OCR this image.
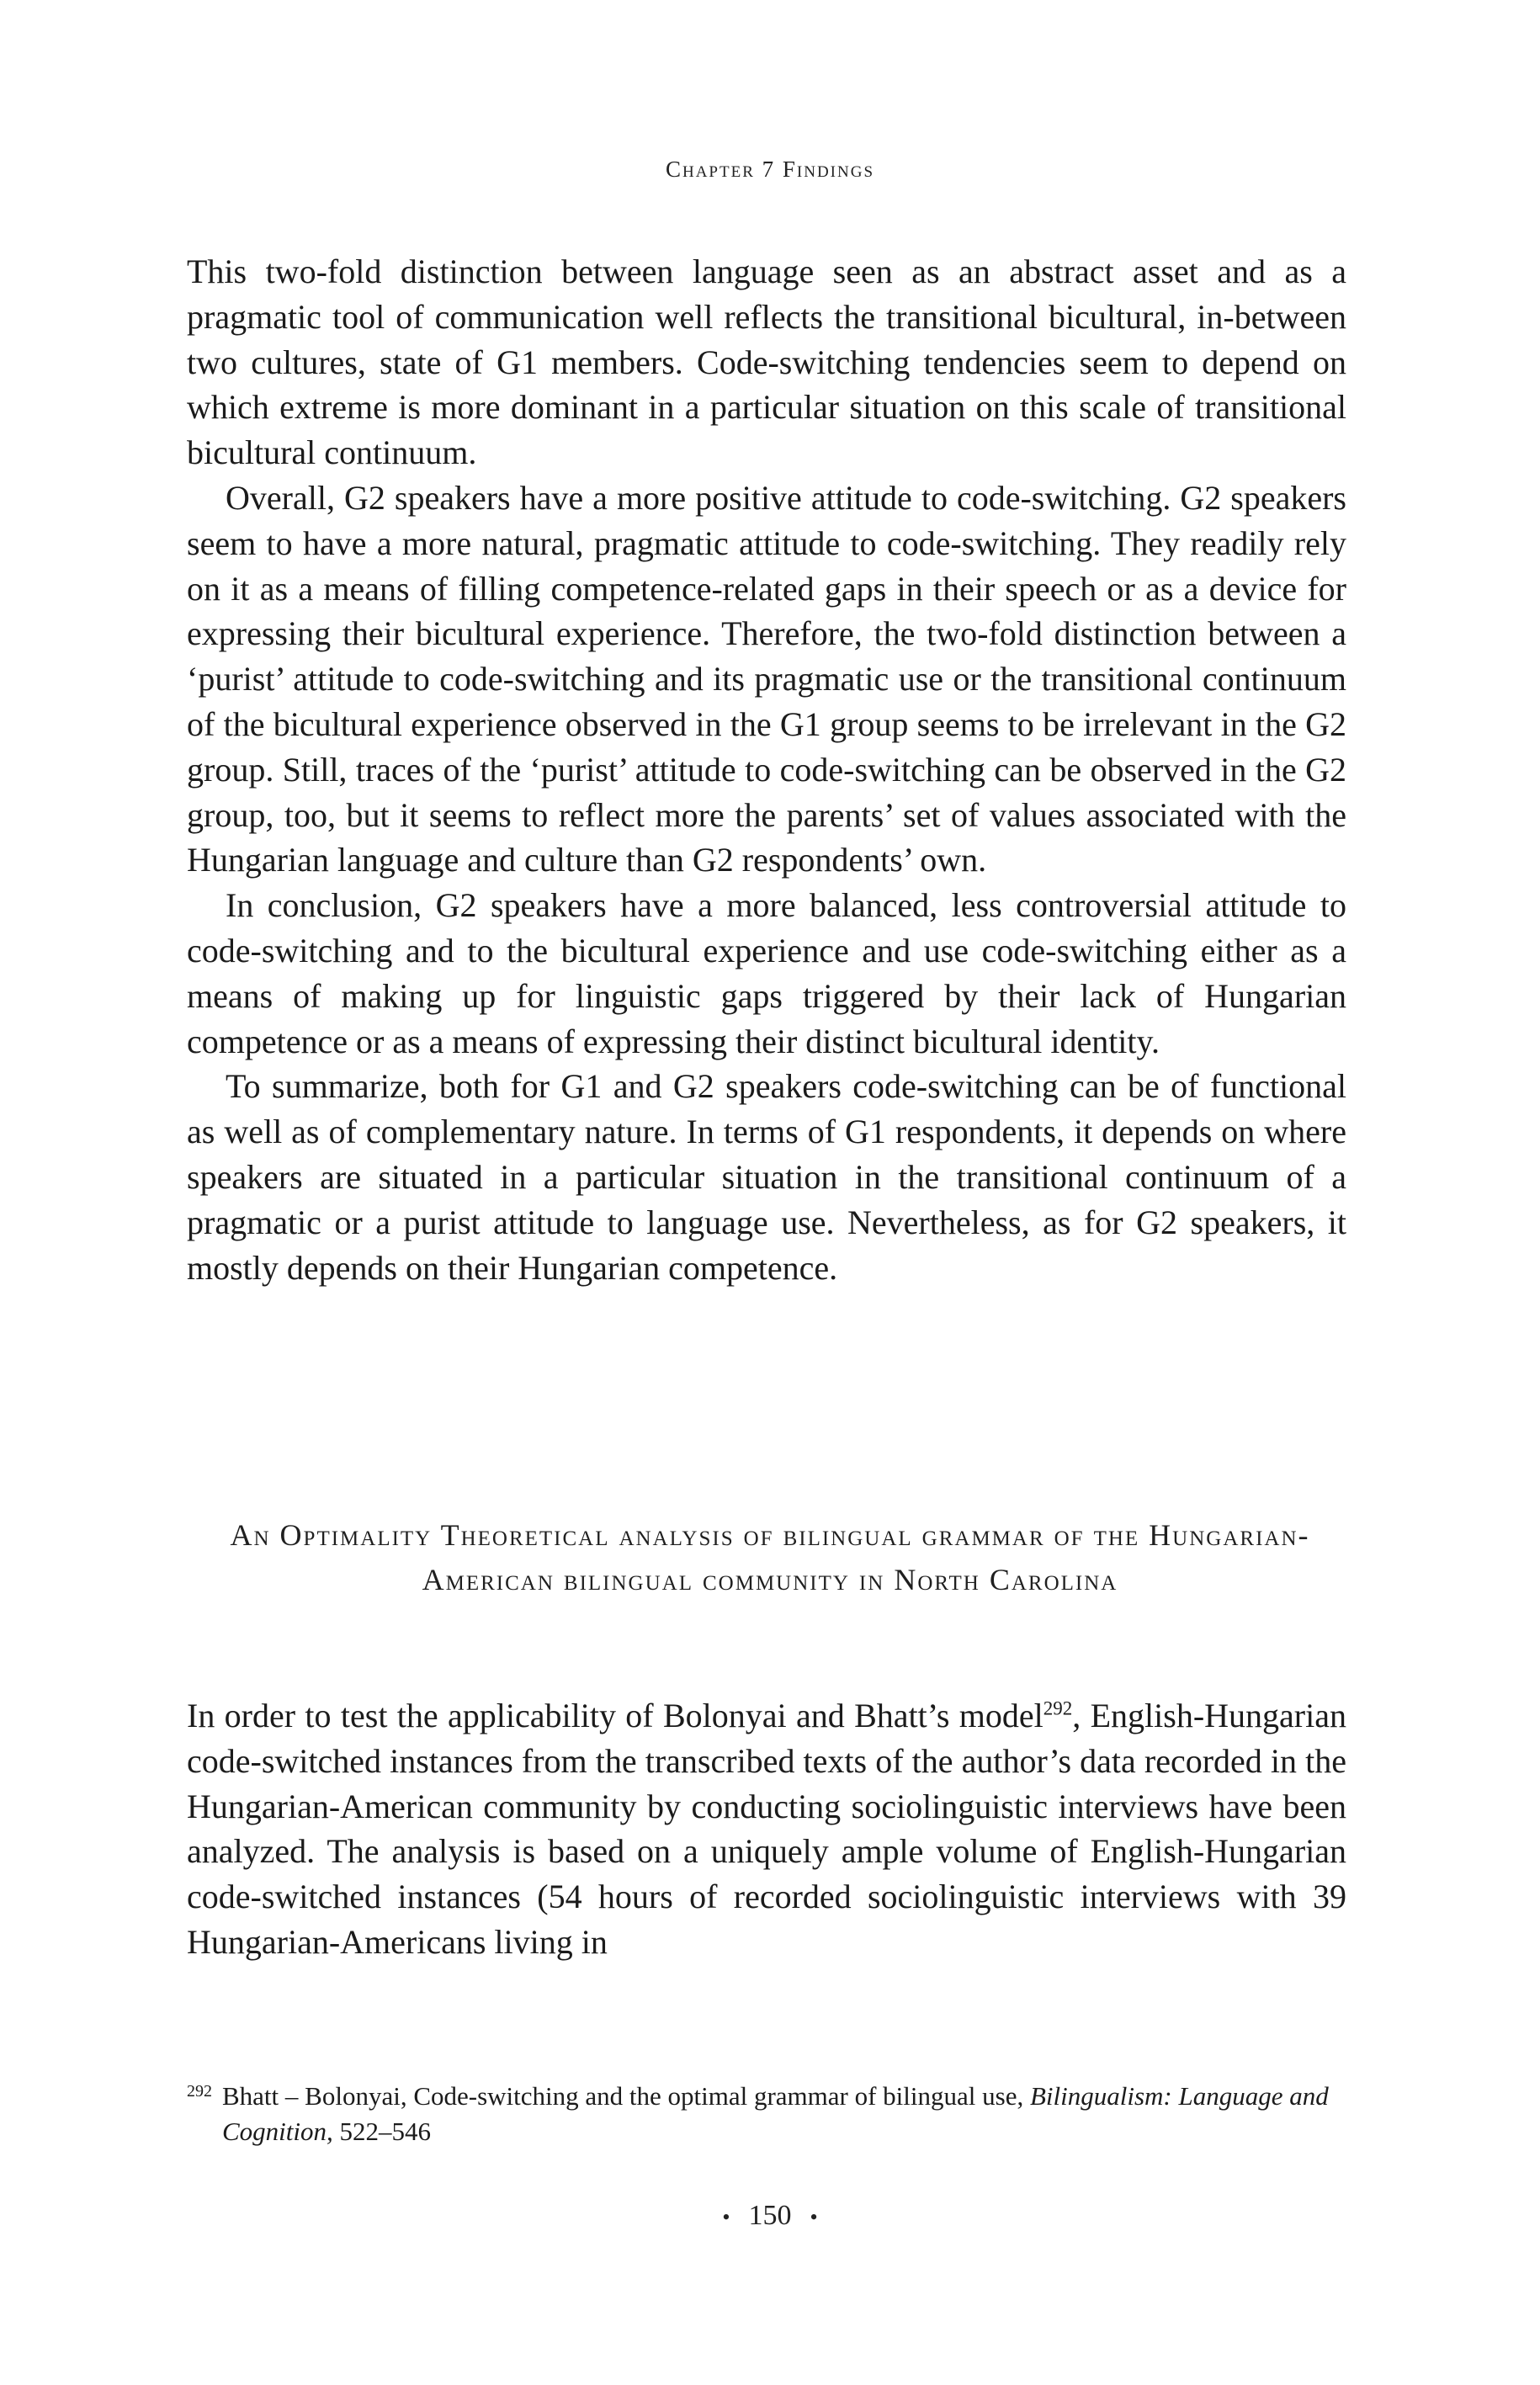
Chapter 7 Findings

This two-fold distinction between language seen as an abstract asset and as a pragmatic tool of communication well reflects the transitional bicultural, in-between two cultures, state of G1 members. Code-switching tendencies seem to depend on which extreme is more dominant in a particular situation on this scale of transitional bicultural continuum.

Overall, G2 speakers have a more positive attitude to code-switching. G2 speakers seem to have a more natural, pragmatic attitude to code-switching. They readily rely on it as a means of filling competence-related gaps in their speech or as a device for expressing their bicultural experience. Therefore, the two-fold distinction between a ‘purist’ attitude to code-switching and its pragmatic use or the transitional continuum of the bicultural experience observed in the G1 group seems to be irrelevant in the G2 group. Still, traces of the ‘purist’ attitude to code-switching can be observed in the G2 group, too, but it seems to reflect more the parents’ set of values associated with the Hungarian language and culture than G2 respondents’ own.

In conclusion, G2 speakers have a more balanced, less controversial attitude to code-switching and to the bicultural experience and use code-switching either as a means of making up for linguistic gaps triggered by their lack of Hungarian competence or as a means of expressing their distinct bicultural identity.

To summarize, both for G1 and G2 speakers code-switching can be of functional as well as of complementary nature. In terms of G1 respondents, it depends on where speakers are situated in a particular situation in the transitional continuum of a pragmatic or a purist attitude to language use. Nevertheless, as for G2 speakers, it mostly depends on their Hungarian competence.

An Optimality Theoretical analysis of bilingual grammar of the Hungarian-American bilingual community in North Carolina

In order to test the applicability of Bolonyai and Bhatt’s model$^{292}$, English-Hungarian code-switched instances from the transcribed texts of the author’s data recorded in the Hungarian-American community by conducting sociolinguistic interviews have been analyzed. The analysis is based on a uniquely ample volume of English-Hungarian code-switched instances (54 hours of recorded sociolinguistic interviews with 39 Hungarian-Americans living in

292 Bhatt – Bolonyai, Code-switching and the optimal grammar of bilingual use, Bilingualism: Language and Cognition, 522–546
• 150 •
